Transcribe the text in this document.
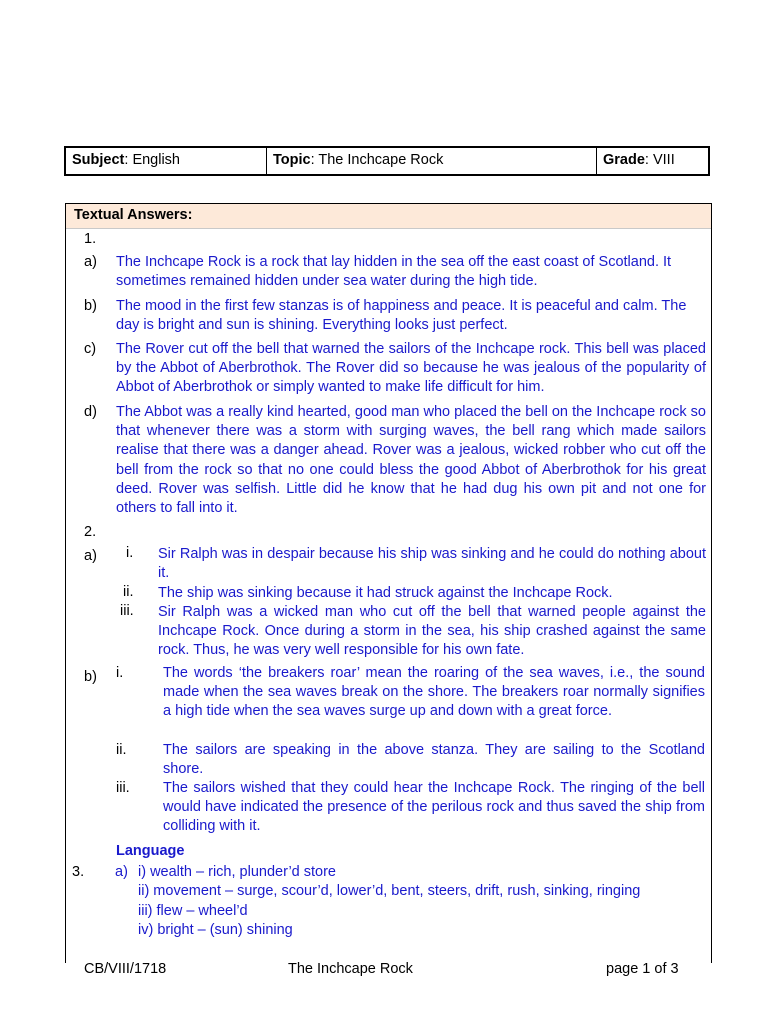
Subject: English	Topic: The Inchcape Rock	Grade: VIII
Textual Answers:
1.
a) The Inchcape Rock is a rock that lay hidden in the sea off the east coast of Scotland. It sometimes remained hidden under sea water during the high tide.
b) The mood in the first few stanzas is of happiness and peace. It is peaceful and calm. The day is bright and sun is shining. Everything looks just perfect.
c) The Rover cut off the bell that warned the sailors of the Inchcape rock. This bell was placed by the Abbot of Aberbrothok. The Rover did so because he was jealous of the popularity of Abbot of Aberbrothok or simply wanted to make life difficult for him.
d) The Abbot was a really kind hearted, good man who placed the bell on the Inchcape rock so that whenever there was a storm with surging waves, the bell rang which made sailors realise that there was a danger ahead. Rover was a jealous, wicked robber who cut off the bell from the rock so that no one could bless the good Abbot of Aberbrothok for his great deed. Rover was selfish. Little did he know that he had dug his own pit and not one for others to fall into it.
2.
a) i. Sir Ralph was in despair because his ship was sinking and he could do nothing about it.
ii. The ship was sinking because it had struck against the Inchcape Rock.
iii. Sir Ralph was a wicked man who cut off the bell that warned people against the Inchcape Rock. Once during a storm in the sea, his ship crashed against the same rock. Thus, he was very well responsible for his own fate.
b) i.	The words ‘the breakers roar’ mean the roaring of the sea waves, i.e., the sound made when the sea waves break on the shore. The breakers roar normally signifies a high tide when the sea waves surge up and down with a great force.
ii.	The sailors are speaking in the above stanza. They are sailing to the Scotland shore.
iii. The sailors wished that they could hear the Inchcape Rock. The ringing of the bell would have indicated the presence of the perilous rock and thus saved the ship from colliding with it.
Language
3. a) i) wealth – rich, plunder’d store
ii) movement – surge, scour’d, lower’d, bent, steers, drift, rush, sinking, ringing
iii) flew – wheel’d
iv) bright – (sun) shining
CB/VIII/1718	The Inchcape Rock	page 1 of 3
